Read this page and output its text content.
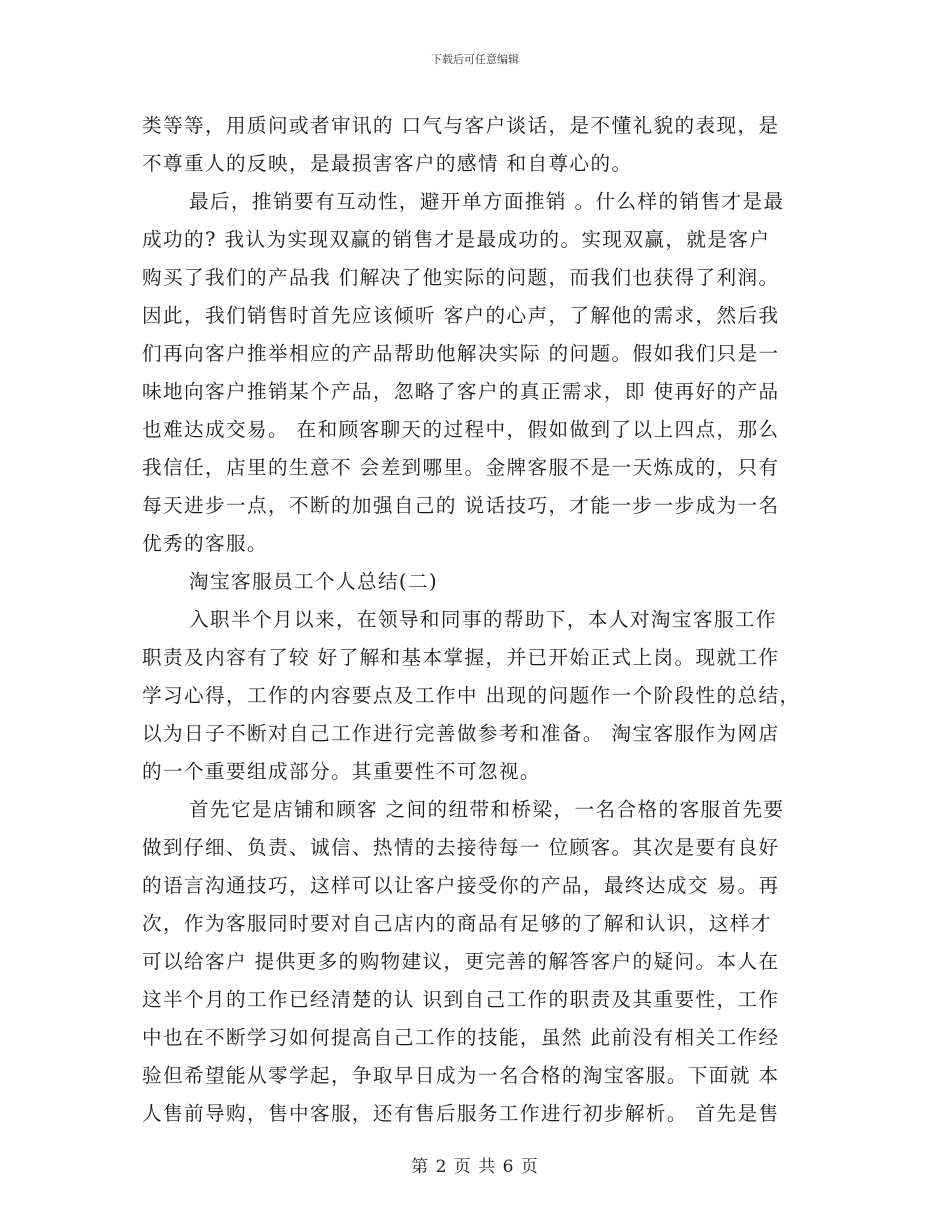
下载后可任意编辑
类等等，用质问或者审讯的 口气与客户谈话，是不懂礼貌的表现，是
不尊重人的反映，是最损害客户的感情 和自尊心的。
最后，推销要有互动性，避开单方面推销 。什么样的销售才是最
成功的? 我认为实现双赢的销售才是最成功的。实现双赢，就是客户
购买了我们的产品我 们解决了他实际的问题，而我们也获得了利润。
因此，我们销售时首先应该倾听 客户的心声，了解他的需求，然后我
们再向客户推举相应的产品帮助他解决实际 的问题。假如我们只是一
味地向客户推销某个产品，忽略了客户的真正需求，即 使再好的产品
也难达成交易。 在和顾客聊天的过程中，假如做到了以上四点，那么
我信任，店里的生意不 会差到哪里。金牌客服不是一天炼成的，只有
每天进步一点，不断的加强自己的 说话技巧，才能一步一步成为一名
优秀的客服。
淘宝客服员工个人总结(二)
入职半个月以来，在领导和同事的帮助下，本人对淘宝客服工作
职责及内容有了较 好了解和基本掌握，并已开始正式上岗。现就工作
学习心得，工作的内容要点及工作中 出现的问题作一个阶段性的总结，
以为日子不断对自己工作进行完善做参考和准备。 淘宝客服作为网店
的一个重要组成部分。其重要性不可忽视。
首先它是店铺和顾客 之间的纽带和桥梁，一名合格的客服首先要
做到仔细、负责、诚信、热情的去接待每一 位顾客。其次是要有良好
的语言沟通技巧，这样可以让客户接受你的产品，最终达成交 易。再
次，作为客服同时要对自己店内的商品有足够的了解和认识，这样才
可以给客户 提供更多的购物建议，更完善的解答客户的疑问。本人在
这半个月的工作已经清楚的认 识到自己工作的职责及其重要性，工作
中也在不断学习如何提高自己工作的技能，虽然 此前没有相关工作经
验但希望能从零学起，争取早日成为一名合格的淘宝客服。下面就 本
人售前导购，售中客服，还有售后服务工作进行初步解析。 首先是售
第 2 页 共 6 页
